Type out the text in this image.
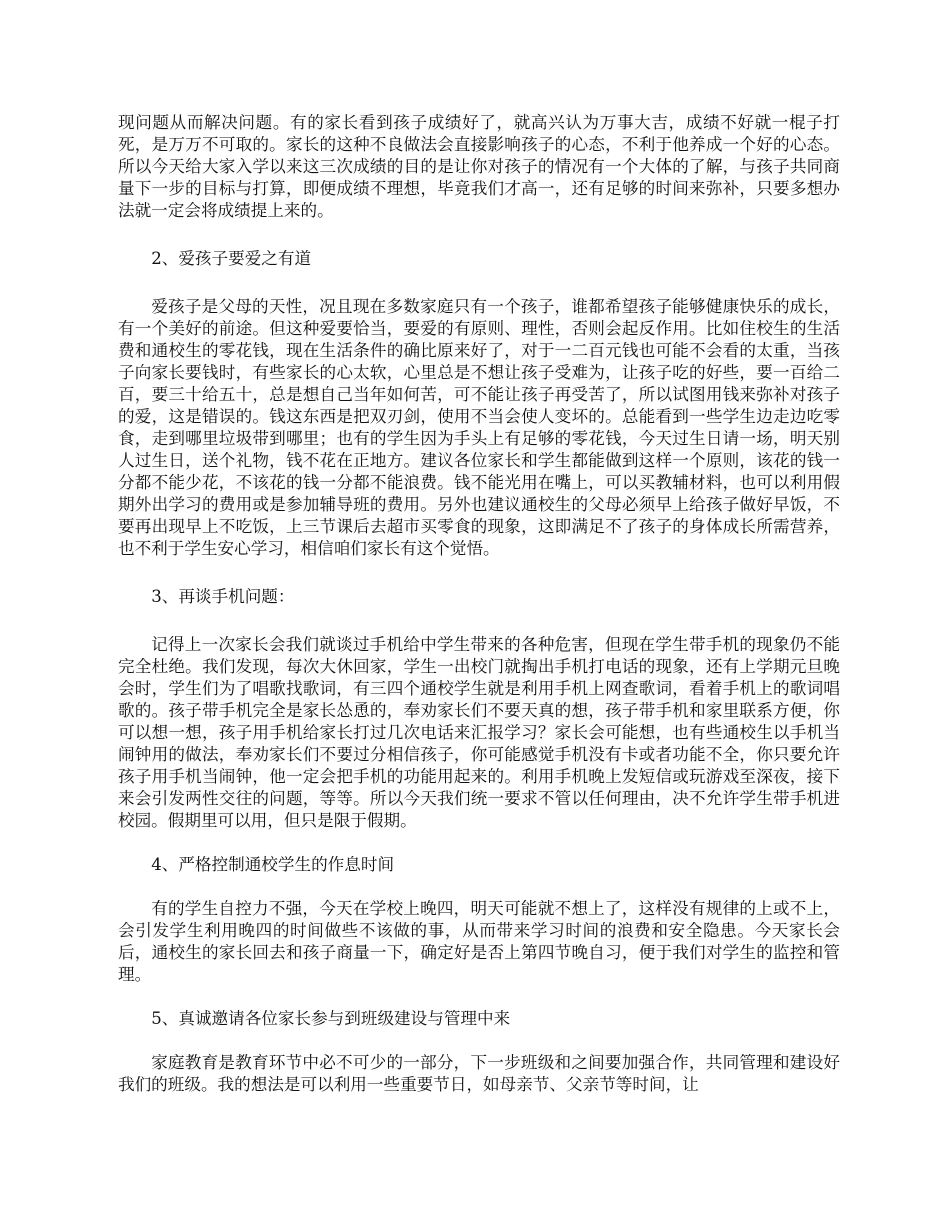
现问题从而解决问题。有的家长看到孩子成绩好了，就高兴认为万事大吉，成绩不好就一棍子打死，是万万不可取的。家长的这种不良做法会直接影响孩子的心态，不利于他养成一个好的心态。所以今天给大家入学以来这三次成绩的目的是让你对孩子的情况有一个大体的了解，与孩子共同商量下一步的目标与打算，即便成绩不理想，毕竟我们才高一，还有足够的时间来弥补，只要多想办法就一定会将成绩提上来的。

2、爱孩子要爱之有道

爱孩子是父母的天性，况且现在多数家庭只有一个孩子，谁都希望孩子能够健康快乐的成长，有一个美好的前途。但这种爱要恰当，要爱的有原则、理性，否则会起反作用。比如住校生的生活费和通校生的零花钱，现在生活条件的确比原来好了，对于一二百元钱也可能不会看的太重，当孩子向家长要钱时，有些家长的心太软，心里总是不想让孩子受难为，让孩子吃的好些，要一百给二百，要三十给五十，总是想自己当年如何苦，可不能让孩子再受苦了，所以试图用钱来弥补对孩子的爱，这是错误的。钱这东西是把双刃剑，使用不当会使人变坏的。总能看到一些学生边走边吃零食，走到哪里垃圾带到哪里；也有的学生因为手头上有足够的零花钱，今天过生日请一场，明天别人过生日，送个礼物，钱不花在正地方。建议各位家长和学生都能做到这样一个原则，该花的钱一分都不能少花，不该花的钱一分都不能浪费。钱不能光用在嘴上，可以买教辅材料，也可以利用假期外出学习的费用或是参加辅导班的费用。另外也建议通校生的父母必须早上给孩子做好早饭，不要再出现早上不吃饭，上三节课后去超市买零食的现象，这即满足不了孩子的身体成长所需营养，也不利于学生安心学习，相信咱们家长有这个觉悟。

3、再谈手机问题：

记得上一次家长会我们就谈过手机给中学生带来的各种危害，但现在学生带手机的现象仍不能完全杜绝。我们发现，每次大休回家，学生一出校门就掏出手机打电话的现象，还有上学期元旦晚会时，学生们为了唱歌找歌词，有三四个通校学生就是利用手机上网查歌词，看着手机上的歌词唱歌的。孩子带手机完全是家长怂恿的，奉劝家长们不要天真的想，孩子带手机和家里联系方便，你可以想一想，孩子用手机给家长打过几次电话来汇报学习？家长会可能想，也有些通校生以手机当闹钟用的做法，奉劝家长们不要过分相信孩子，你可能感觉手机没有卡或者功能不全，你只要允许孩子用手机当闹钟，他一定会把手机的功能用起来的。利用手机晚上发短信或玩游戏至深夜，接下来会引发两性交往的问题，等等。所以今天我们统一要求不管以任何理由，决不允许学生带手机进校园。假期里可以用，但只是限于假期。

4、严格控制通校学生的作息时间

有的学生自控力不强，今天在学校上晚四，明天可能就不想上了，这样没有规律的上或不上，会引发学生利用晚四的时间做些不该做的事，从而带来学习时间的浪费和安全隐患。今天家长会后，通校生的家长回去和孩子商量一下，确定好是否上第四节晚自习，便于我们对学生的监控和管理。

5、真诚邀请各位家长参与到班级建设与管理中来

家庭教育是教育环节中必不可少的一部分，下一步班级和之间要加强合作，共同管理和建设好我们的班级。我的想法是可以利用一些重要节日，如母亲节、父亲节等时间，让
